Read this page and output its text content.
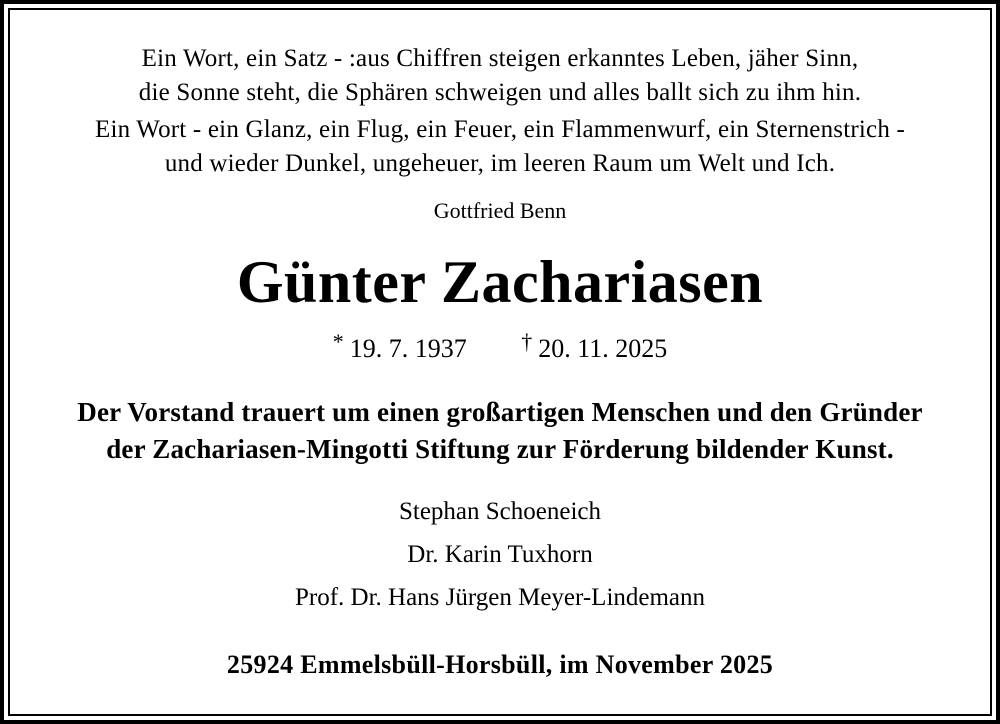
Ein Wort, ein Satz - :aus Chiffren steigen erkanntes Leben, jäher Sinn,
die Sonne steht, die Sphären schweigen und alles ballt sich zu ihm hin.
Ein Wort - ein Glanz, ein Flug, ein Feuer, ein Flammenwurf, ein Sternenstrich -
und wieder Dunkel, ungeheuer, im leeren Raum um Welt und Ich.
Gottfried Benn
Günter Zachariasen
* 19. 7. 1937 † 20. 11. 2025
Der Vorstand trauert um einen großartigen Menschen und den Gründer
der Zachariasen-Mingotti Stiftung zur Förderung bildender Kunst.
Stephan Schoeneich
Dr. Karin Tuxhorn
Prof. Dr. Hans Jürgen Meyer-Lindemann
25924 Emmelsbüll-Horsbüll, im November 2025
